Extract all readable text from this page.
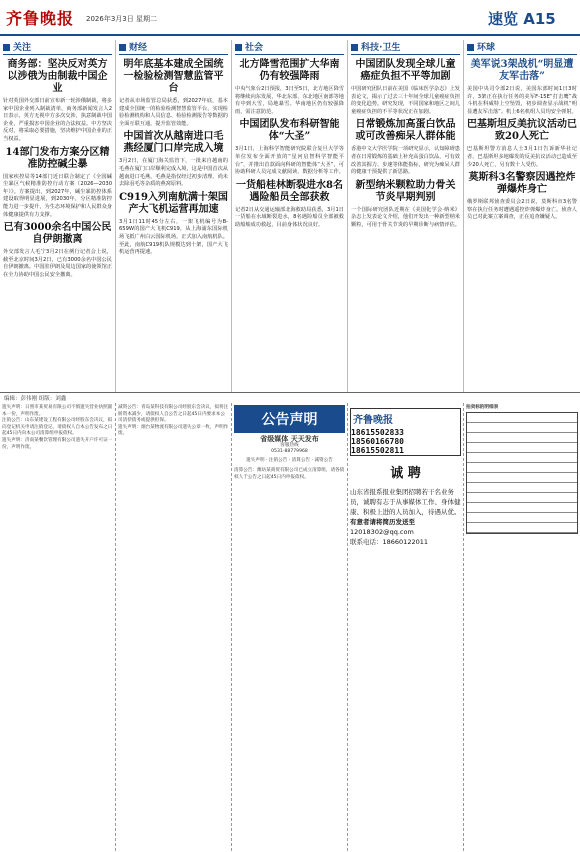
齐鲁晚报 2026年3月3日 星期二	速览 A15
关注
商务部：坚决反对英方以涉俄为由制裁中国企业

针对英国外交部日前宣布新一轮涉俄制裁，将多家中国企业列入制裁清单，商务部新闻发言人2日表示，英方无视中方多次交涉，执意制裁中国企业，严重损害中国企业的合法权益。中方坚决反对，将采取必要措施，坚决维护中国企业的正当权益。

14部门发布方案分区精准防控碱尘暴

国家疾控局等14部门近日联合制定了《全国碱尘暴区气候精准防控行动方案（2026—2030年）》。方案提出，到2027年，碱尘暴防控体系建设取得明显进展，到2030年，分区精准防控能力进一步提升，为生态环境保护和人民群众身体健康提供有力支撑。

已有3000余名中国公民自伊朗撤离

外交部发言人毛宁3月2日在例行记者会上说，截至北京时间3月2日，已有3000余名中国公民自伊朗撤离。中国驻伊朗及周边国家的使领馆正在全力协助中国公民安全撤离。

财经
明年底基本建成全国统一检验检测智慧监管平台

记者从市场监管总局获悉，到2027年底，基本建成全国统一的检验检测智慧监管平台，实现检验检测机构和人员信息、检验检测报告等数据的全面互联互通，提升监管效能。

中国首次从越南进口毛燕经厦门口岸完成入境

3月2日，在厦门海关监管下，一批来自越南的毛燕在厦门口岸顺利完成入境，这是中国首次从越南进口毛燕。毛燕是指仅经过初步清理、尚未去除羽毛等杂质的燕窝原料。

C919入列南航满十架国产大飞机运营再加速

3月1日11时45分左右，一架飞机编号为B-659W的国产大飞机C919，从上海浦东国际机场飞抵广州白云国际机场，正式加入南航机队。至此，南航C919机队规模达到十架，国产大飞机运营再提速。

社会
北方降雪范围扩大华南仍有较强降雨

中央气象台2日预报，3日至5日，北方地区降雪将继续向东发展，华北东部、东北地区南部等地有中到大雪，局地暴雪。华南地区仍有较强降雨，需注意防范。

中国团队发布科研智能体“大圣”

3月1日，上海科学智能研究院联合复旦大学等单位发布全面开放的“星河启智科学智能平台”，并推出首款面向科研的智能体“大圣”，可协助科研人员完成文献阅读、数据分析等工作。

一货船桂林断裂进水8名遇险船员全部获救

记者2日从交通运输部北海救助局获悉，3月1日一货船在水域断裂进水，8名遇险船员全部被救助船舶成功救起，目前身体状况良好。

科技·卫生
中国团队发现全球儿童癌症负担不平等加剧

中国研究团队日前在美国《临床医学杂志》上发表论文，揭示了过去三十年间全球儿童癌症负担的变化趋势。研究发现，不同国家和地区之间儿童癌症负担的不平等状况正在加剧。

日常锻炼加高蛋白饮品或可改善痴呆人群体能

香港中文大学医学院一项研究显示，认知障碍患者在日常锻炼的基础上补充高蛋白饮品，可有效改善其握力、步速等体能指标，研究为痴呆人群的健康干预提供了新思路。

新型纳米颗粒助力骨关节炎早期判别

一个国际研究团队近期在《美国化学会·纳米》杂志上发表论文介绍，他们开发出一种新型纳米颗粒，可用于骨关节炎的早期诊断与病情评估。

环球
美军说3架战机“明显遭友军击落”

美国中央司令部2日说，美国东部时间1日3时许，3架正在执行任务的美军F-15E“打击鹰”战斗机在科威特上空坠毁，初步调查显示战机“明显遭友军击落”。机上6名机组人员均安全弹射。

巴基斯坦反美抗议活动已致20人死亡

巴基斯坦警方消息人士3月1日告诉新华社记者，巴基斯坦多地爆发的反美抗议活动已造成至少20人死亡，另有数十人受伤。

莫斯科3名警察因遇控炸弹爆炸身亡

俄罗斯联邦侦查委员会2日说，莫斯科市3名警察在执行任务时遭遇遥控炸弹爆炸身亡。侦查人员已对此案立案调查，正在追查嫌疑人。

编辑：彭伟刚 组版：刘鑫
遗失声明：日照市某贸易有限公司不慎遗失营业执照副本一份，声明作废。
注销公告：山东某建设工程有限公司经股东会决议，拟向登记机关申请注销登记，请债权人自本公告发布之日起45日内向本公司清算组申报债权。
遗失声明：济南某餐饮管理有限公司遗失开户许可证一份，声明作废。
减资公告：青岛某科技有限公司经股东会决议，拟将注册资本减少，请债权人自公告之日起45日内要求本公司清偿债务或提供担保。
遗失声明：烟台某物流有限公司遗失公章一枚，声明作废。
公告声明
省级媒体 天天发布
客服热线
0531-88779968
遗失声明 · 注销公告 · 清算公告 · 减资公告
清算公告：潍坊某商贸有限公司已成立清算组，请各债权人于公告之日起45日内申报债权。
齐鲁晚报
18615502833
18560166780
18615502811
诚 聘
山东省报系报业集团招聘若干名业务员，诚聘有志于从事媒体工作、身体健康、积极上进的人员加入，待遇从优。
有意者请将简历发送至
12018302@qq.com
联系电话：18660122011
拍卖标的明细表
